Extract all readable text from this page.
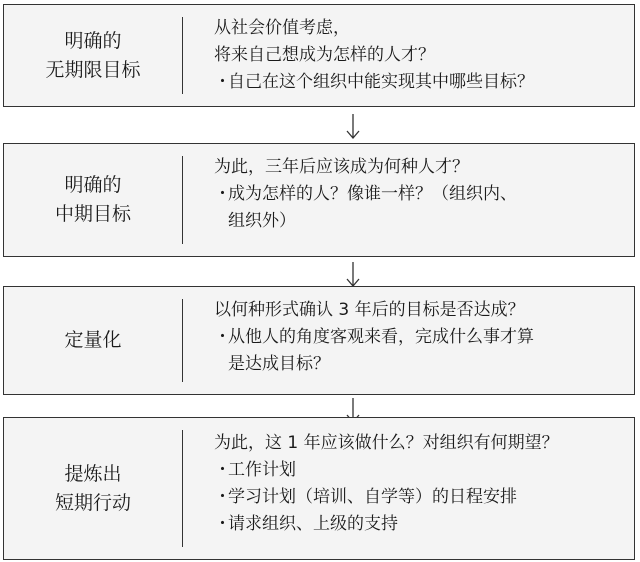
明确的
无期限目标
从社会价值考虑，
将来自己想成为怎样的人才？
・自己在这个组织中能实现其中哪些目标？
明确的
中期目标
为此，三年后应该成为何种人才？
・成为怎样的人？像谁一样？（组织内、
组织外）
定量化
以何种形式确认 3 年后的目标是否达成？
・从他人的角度客观来看，完成什么事才算
是达成目标？
提炼出
短期行动
为此，这 1 年应该做什么？对组织有何期望？
・工作计划
・学习计划（培训、自学等）的日程安排
・请求组织、上级的支持
